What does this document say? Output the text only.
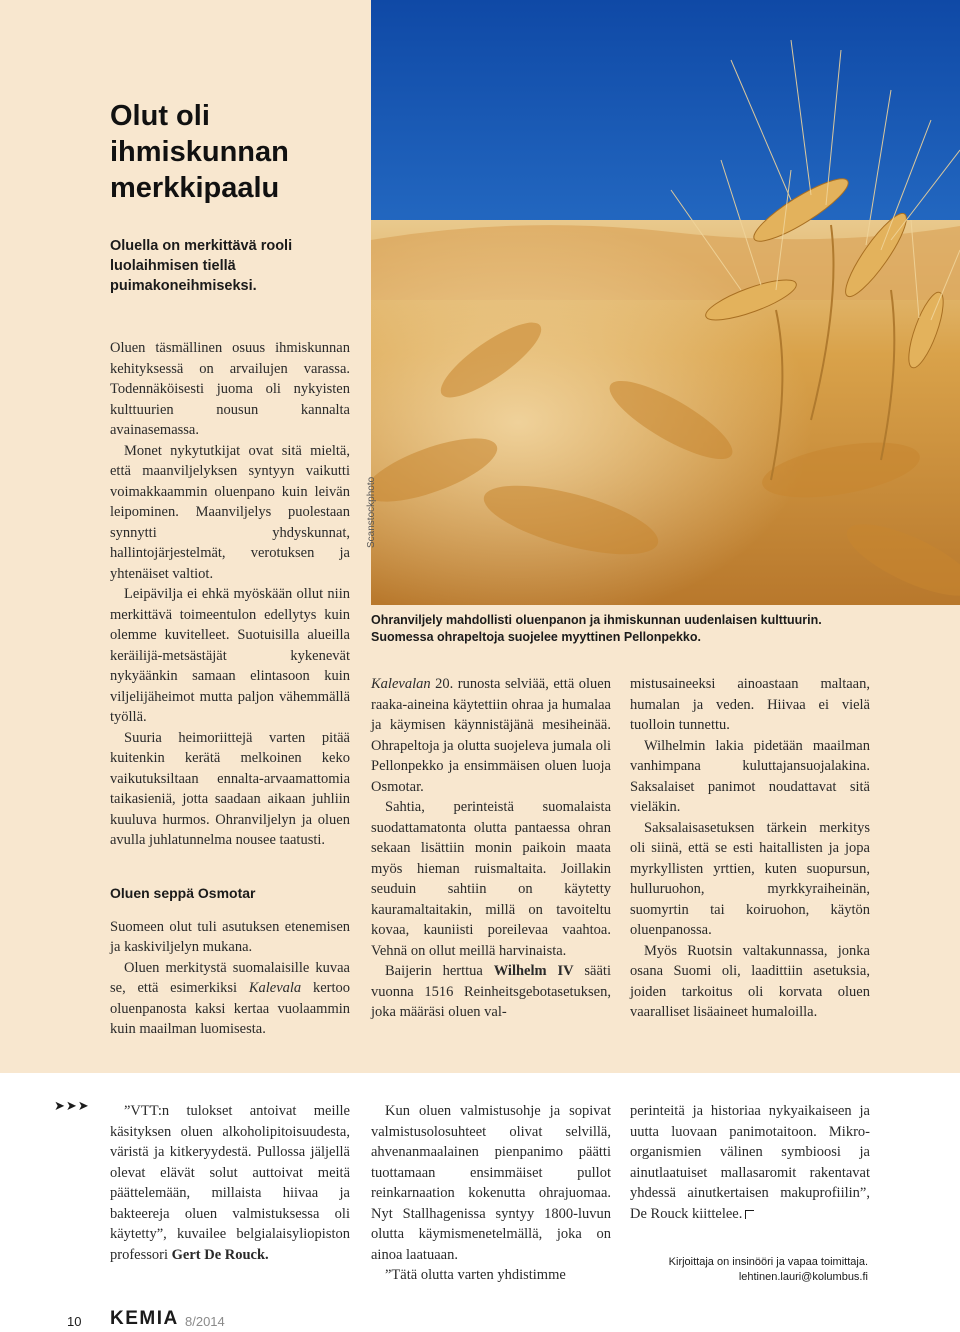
Olut oli
ihmiskunnan
merkkipaalu
Oluella on merkittävä rooli luolaihmisen tiellä puimakoneihmiseksi.

Oluen täsmällinen osuus ihmiskunnan kehityksessä on arvailujen varassa. Todennäköisesti juoma oli nykyisten kulttuurien nousun kannalta avainasemassa.

Monet nykytutkijat ovat sitä mieltä, että maanviljelyksen syntyyn vaikutti voimakkaammin oluenpano kuin leivän leipominen. Maanviljelys puolestaan synnytti yhdyskunnat, hallintojärjestelmät, verotuksen ja yhtenäiset valtiot.

Leipävilja ei ehkä myöskään ollut niin merkittävä toimeentulon edellytys kuin olemme kuvitelleet. Suotuisilla alueilla keräilijä-metsästäjät kykenevät nykyäänkin samaan elintasoon kuin viljelijäheimot mutta paljon vähemmällä työllä.

Suuria heimoriittejä varten pitää kuitenkin kerätä melkoinen keko vaikutuksiltaan ennalta-arvaamattomia taikasieniä, jotta saadaan aikaan juhliin kuuluva hurmos. Ohranviljelyn ja oluen avulla juhlatunnelma nousee taatusti.

Oluen seppä Osmotar

Suomeen olut tuli asutuksen etenemisen ja kaskiviljelyn mukana.

Oluen merkitystä suomalaisille kuvaa se, että esimerkiksi Kalevala kertoo oluenpanosta kaksi kertaa vuolaammin kuin maailman luomisesta.

Scanstockphoto
Ohranviljely mahdollisti oluenpanon ja ihmiskunnan uudenlaisen kulttuurin.
Suomessa ohrapeltoja suojelee myyttinen Pellonpekko.

Kalevalan 20. runosta selviää, että oluen raaka-aineina käytettiin ohraa ja humalaa ja käymisen käynnistäjänä mesiheinää. Ohrapeltoja ja olutta suojeleva jumala oli Pellonpekko ja ensimmäisen oluen luoja Osmotar.

Sahtia, perinteistä suomalaista suodattamatonta olutta pantaessa ohran sekaan lisättiin monin paikoin maata myös hieman ruismaltaita. Joillakin seuduin sahtiin on käytetty kauramaltaitakin, millä on tavoiteltu kovaa, kauniisti poreilevaa vaahtoa. Vehnä on ollut meillä harvinaista.

Baijerin herttua Wilhelm IV sääti vuonna 1516 Reinheitsgebotasetuksen, joka määräsi oluen val-

mistusaineeksi ainoastaan maltaan, humalan ja veden. Hiivaa ei vielä tuolloin tunnettu.

Wilhelmin lakia pidetään maailman vanhimpana kuluttajansuojalakina. Saksalaiset panimot noudattavat sitä vieläkin.

Saksalaisasetuksen tärkein merkitys oli siinä, että se esti haitallisten ja jopa myrkyllisten yrttien, kuten suopursun, hulluruohon, myrkkyraiheinän, suomyrtin tai koiruohon, käytön oluenpanossa.

Myös Ruotsin valtakunnassa, jonka osana Suomi oli, laadittiin asetuksia, joiden tarkoitus oli korvata oluen vaaralliset lisäaineet humaloilla.

➤➤➤	”VTT:n tulokset antoivat meille käsityksen oluen alkoholipitoisuudesta, väristä ja kitkeryydestä. Pullossa jäljellä olevat elävät solut auttoivat meitä päättelemään, millaista hiivaa ja bakteereja oluen valmistuksessa oli käytetty”, kuvailee belgialaisyliopiston professori Gert De Rouck.

Kun oluen valmistusohje ja sopivat valmistusolosuhteet olivat selvillä, ahvenanmaalainen pienpanimo päätti tuottamaan ensimmäiset pullot reinkarnaation kokenutta ohrajuomaa. Nyt Stallhagenissa syntyy 1800-luvun olutta käymismenetelmällä, joka on ainoa laatuaan.

”Tätä olutta varten yhdistimme

perinteitä ja historiaa nykyaikaiseen ja uutta luovaan panimotaitoon. Mikro-organismien välinen symbioosi ja ainutlaatuiset mallasaromit rakentavat yhdessä ainutkertaisen makuprofiilin”, De Rouck kiittelee.

Kirjoittaja on insinööri ja vapaa toimittaja.
lehtinen.lauri@kolumbus.fi
10 KEMIA 8/2014
